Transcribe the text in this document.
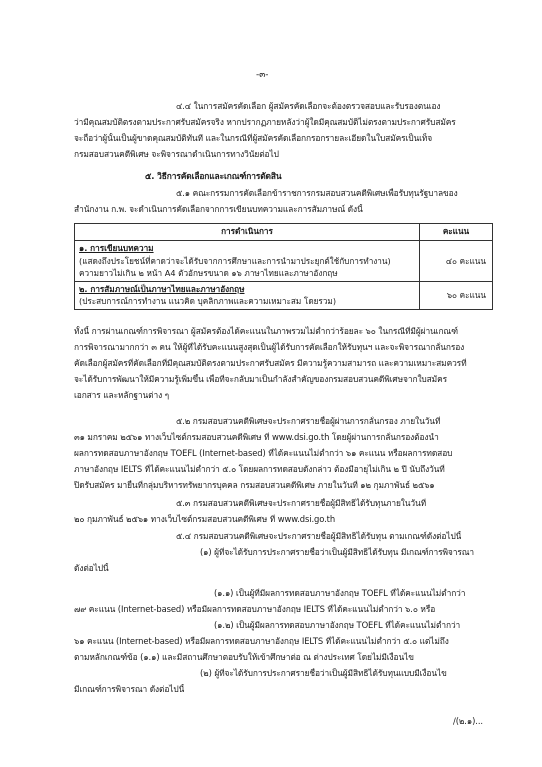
-๓-
๔.๔ ในการสมัครคัดเลือก ผู้สมัครคัดเลือกจะต้องตรวจสอบและรับรองตนเอง
ว่ามีคุณสมบัติตรงตามประกาศรับสมัครจริง หากปรากฏภายหลังว่าผู้ใดมีคุณสมบัติไม่ตรงตามประกาศรับสมัคร
จะถือว่าผู้นั้นเป็นผู้ขาดคุณสมบัติทันที และในกรณีที่ผู้สมัครคัดเลือกกรอกรายละเอียดในใบสมัครเป็นเท็จ
กรมสอบสวนคดีพิเศษ จะพิจารณาดำเนินการทางวินัยต่อไป
๕. วิธีการคัดเลือกและเกณฑ์การตัดสิน
๕.๑ คณะกรรมการคัดเลือกข้าราชการกรมสอบสวนคดีพิเศษเพื่อรับทุนรัฐบาลของ
สำนักงาน ก.พ. จะดำเนินการคัดเลือกจากการเขียนบทความและการสัมภาษณ์ ดังนี้
การดำเนินการ	คะแนน

๑. การเขียนบทความ
(แสดงถึงประโยชน์ที่คาดว่าจะได้รับจากการศึกษาและการนำมาประยุกต์ใช้กับการทำงาน)
ความยาวไม่เกิน ๒ หน้า A4 ตัวอักษรขนาด ๑๖ ภาษาไทยและภาษาอังกฤษ	๔๐ คะแนน

๒. การสัมภาษณ์เป็นภาษาไทยและภาษาอังกฤษ
(ประสบการณ์การทำงาน แนวคิด บุคลิกภาพและความเหมาะสม โดยรวม)	๖๐ คะแนน
ทั้งนี้ การผ่านเกณฑ์การพิจารณา ผู้สมัครต้องได้คะแนนในภาพรวมไม่ต่ำกว่าร้อยละ ๖๐ ในกรณีที่มีผู้ผ่านเกณฑ์
การพิจารณามากกว่า ๓ คน ให้ผู้ที่ได้รับคะแนนสูงสุดเป็นผู้ได้รับการคัดเลือกให้รับทุนฯ และจะพิจารณากลั่นกรอง
คัดเลือกผู้สมัครที่คัดเลือกที่มีคุณสมบัติตรงตามประกาศรับสมัคร มีความรู้ความสามารถ และความเหมาะสมควรที่
จะได้รับการพัฒนาให้มีความรู้เพิ่มขึ้น เพื่อที่จะกลับมาเป็นกำลังสำคัญของกรมสอบสวนคดีพิเศษจากใบสมัคร
เอกสาร และหลักฐานต่าง ๆ
๕.๒ กรมสอบสวนคดีพิเศษจะประกาศรายชื่อผู้ผ่านการกลั่นกรอง ภายในวันที่
๓๑ มกราคม ๒๕๖๑ ทางเว็บไซต์กรมสอบสวนคดีพิเศษ ที่ www.dsi.go.th โดยผู้ผ่านการกลั่นกรองต้องนำ
ผลการทดสอบภาษาอังกฤษ TOEFL (Internet-based) ที่ได้คะแนนไม่ต่ำกว่า ๖๑ คะแนน หรือผลการทดสอบ
ภาษาอังกฤษ IELTS ที่ได้คะแนนไม่ต่ำกว่า ๕.๐ โดยผลการทดสอบดังกล่าว ต้องมีอายุไม่เกิน ๒ ปี นับถึงวันที่
ปิดรับสมัคร มายื่นที่กลุ่มบริหารทรัพยากรบุคคล กรมสอบสวนคดีพิเศษ ภายในวันที่ ๑๒ กุมภาพันธ์ ๒๕๖๑
๕.๓ กรมสอบสวนคดีพิเศษจะประกาศรายชื่อผู้มีสิทธิได้รับทุนภายในวันที่
๒๐ กุมภาพันธ์ ๒๕๖๑ ทางเว็บไซต์กรมสอบสวนคดีพิเศษ ที่ www.dsi.go.th
๕.๔ กรมสอบสวนคดีพิเศษจะประกาศรายชื่อผู้มีสิทธิได้รับทุน ตามเกณฑ์ดังต่อไปนี้
(๑) ผู้ที่จะได้รับการประกาศรายชื่อว่าเป็นผู้มีสิทธิได้รับทุน มีเกณฑ์การพิจารณา
ดังต่อไปนี้
(๑.๑) เป็นผู้ที่มีผลการทดสอบภาษาอังกฤษ TOEFL ที่ได้คะแนนไม่ต่ำกว่า
๗๙ คะแนน (Internet-based) หรือมีผลการทดสอบภาษาอังกฤษ IELTS ที่ได้คะแนนไม่ต่ำกว่า ๖.๐ หรือ
(๑.๒) เป็นผู้มีผลการทดสอบภาษาอังกฤษ TOEFL ที่ได้คะแนนไม่ต่ำกว่า
๖๑ คะแนน (Internet-based) หรือมีผลการทดสอบภาษาอังกฤษ IELTS ที่ได้คะแนนไม่ต่ำกว่า ๕.๐ แต่ไม่ถึง
ตามหลักเกณฑ์ข้อ (๑.๑) และมีสถานศึกษาตอบรับให้เข้าศึกษาต่อ ณ ต่างประเทศ โดยไม่มีเงื่อนไข
(๒) ผู้ที่จะได้รับการประกาศรายชื่อว่าเป็นผู้มีสิทธิได้รับทุนแบบมีเงื่อนไข
มีเกณฑ์การพิจารณา ดังต่อไปนี้
/(๒.๑)...
